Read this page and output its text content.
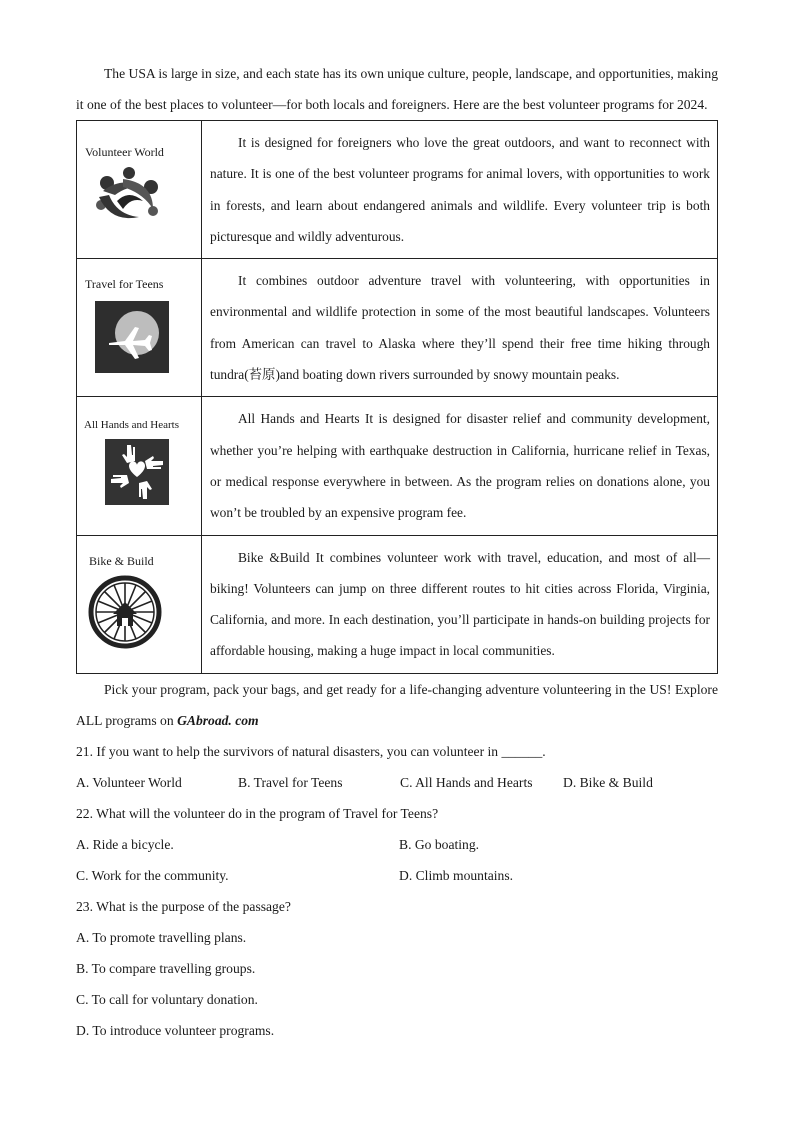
The USA is large in size, and each state has its own unique culture, people, landscape, and opportunities, making it one of the best places to volunteer—for both locals and foreigners. Here are the best volunteer programs for 2024.

Volunteer World	It is designed for foreigners who love the great outdoors, and want to reconnect with nature. It is one of the best volunteer programs for animal lovers, with opportunities to work in forests, and learn about endangered animals and wildlife. Every volunteer trip is both picturesque and wildly adventurous.

Travel for Teens	It combines outdoor adventure travel with volunteering, with opportunities in environmental and wildlife protection in some of the most beautiful landscapes. Volunteers from American can travel to Alaska where they’ll spend their free time hiking through tundra(苔原)and boating down rivers surrounded by snowy mountain peaks.

All Hands and Hearts	All Hands and Hearts It is designed for disaster relief and community development, whether you’re helping with earthquake destruction in California, hurricane relief in Texas, or medical response everywhere in between. As the program relies on donations alone, you won’t be troubled by an expensive program fee.

Bike & Build	Bike &Build It combines volunteer work with travel, education, and most of all—biking! Volunteers can jump on three different routes to hit cities across Florida, Virginia, California, and more. In each destination, you’ll participate in hands-on building projects for affordable housing, making a huge impact in local communities.

Pick your program, pack your bags, and get ready for a life-changing adventure volunteering in the US! Explore ALL programs on GAbroad. com

21. If you want to help the survivors of natural disasters, you can volunteer in ______.

A. Volunteer World	B. Travel for Teens	C. All Hands and Hearts	D. Bike & Build

22. What will the volunteer do in the program of Travel for Teens?

A. Ride a bicycle.	B. Go boating.
C. Work for the community.	D. Climb mountains.

23. What is the purpose of the passage?

A. To promote travelling plans.

B. To compare travelling groups.

C. To call for voluntary donation.

D. To introduce volunteer programs.
